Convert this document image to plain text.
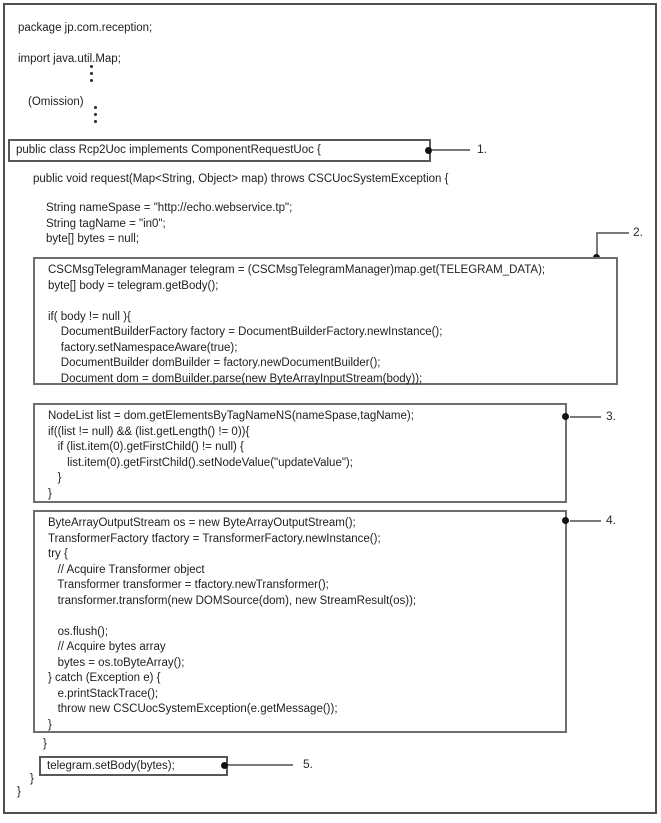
package jp.com.reception;
import java.util.Map;
(Omission)
public class Rcp2Uoc implements ComponentRequestUoc {	1.
public void request(Map<String, Object> map) throws CSCUocSystemException {
String nameSpase = "http://echo.webservice.tp";
String tagName = "in0";
byte[] bytes = null;	2.
CSCMsgTelegramManager telegram = (CSCMsgTelegramManager)map.get(TELEGRAM_DATA);
byte[] body = telegram.getBody();

if( body != null ){
DocumentBuilderFactory factory = DocumentBuilderFactory.newInstance();
factory.setNamespaceAware(true);
DocumentBuilder domBuilder = factory.newDocumentBuilder();
Document dom = domBuilder.parse(new ByteArrayInputStream(body));
NodeList list = dom.getElementsByTagNameNS(nameSpase,tagName);
if((list != null) && (list.getLength() != 0)){
if (list.item(0).getFirstChild() != null) {
list.item(0).getFirstChild().setNodeValue("updateValue");
}
}
3.
ByteArrayOutputStream os = new ByteArrayOutputStream();
TransformerFactory tfactory = TransformerFactory.newInstance();
try {
// Acquire Transformer object
Transformer transformer = tfactory.newTransformer();
transformer.transform(new DOMSource(dom), new StreamResult(os));

os.flush();
// Acquire bytes array
bytes = os.toByteArray();
} catch (Exception e) {
e.printStackTrace();
throw new CSCUocSystemException(e.getMessage());
}
4.
}
telegram.setBody(bytes);	5.
}
}
